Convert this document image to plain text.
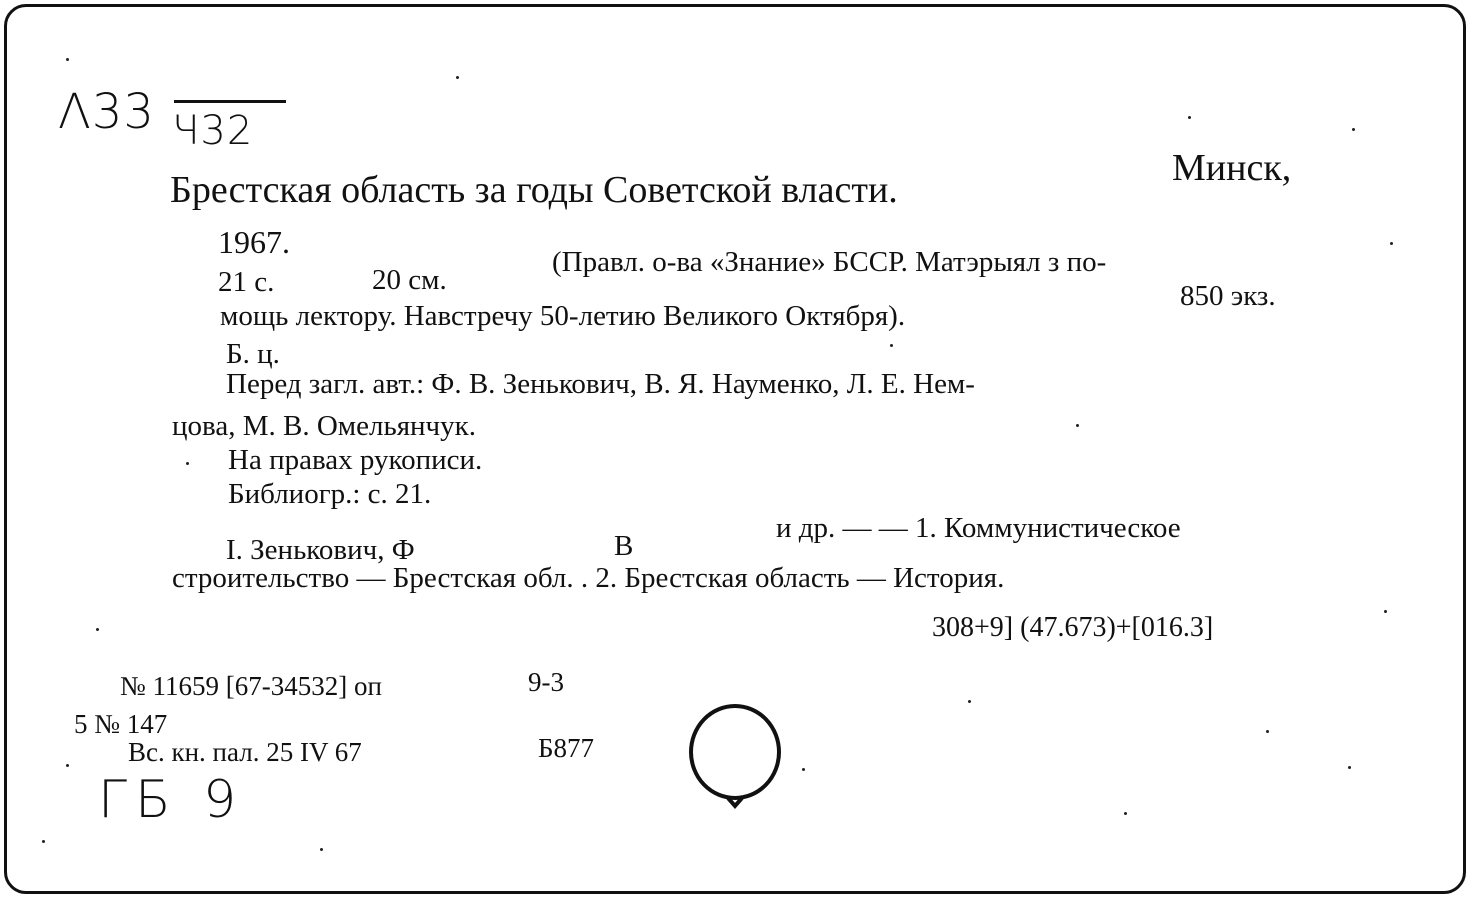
Λ33 Ч32
Брестская область за годы Советской власти.
Минск,
1967.
21 с.	20 см.
(Правл. о-ва «Знание» БССР. Матэрыял з по-
мощь лектору. Навстречу 50-летию Великого Октября).
850 экз.
Б. ц.
Перед загл. авт.: Ф. В. Зенькович, В. Я. Науменко, Л. Е. Нем-
цова, М. В. Омельянчук.
На правах рукописи.
Библиогр.: с. 21.
I. Зенькович, Ф	В
и др. — — 1. Коммунистическое
строительство — Брестская обл. . 2. Брестская область — История.
308+9] (47.673)+[016.3]
№ 11659 [67-34532] оп	9-3
5 № 147
Вс. кн. пал. 25 IV 67	Б877
ГБ 9
